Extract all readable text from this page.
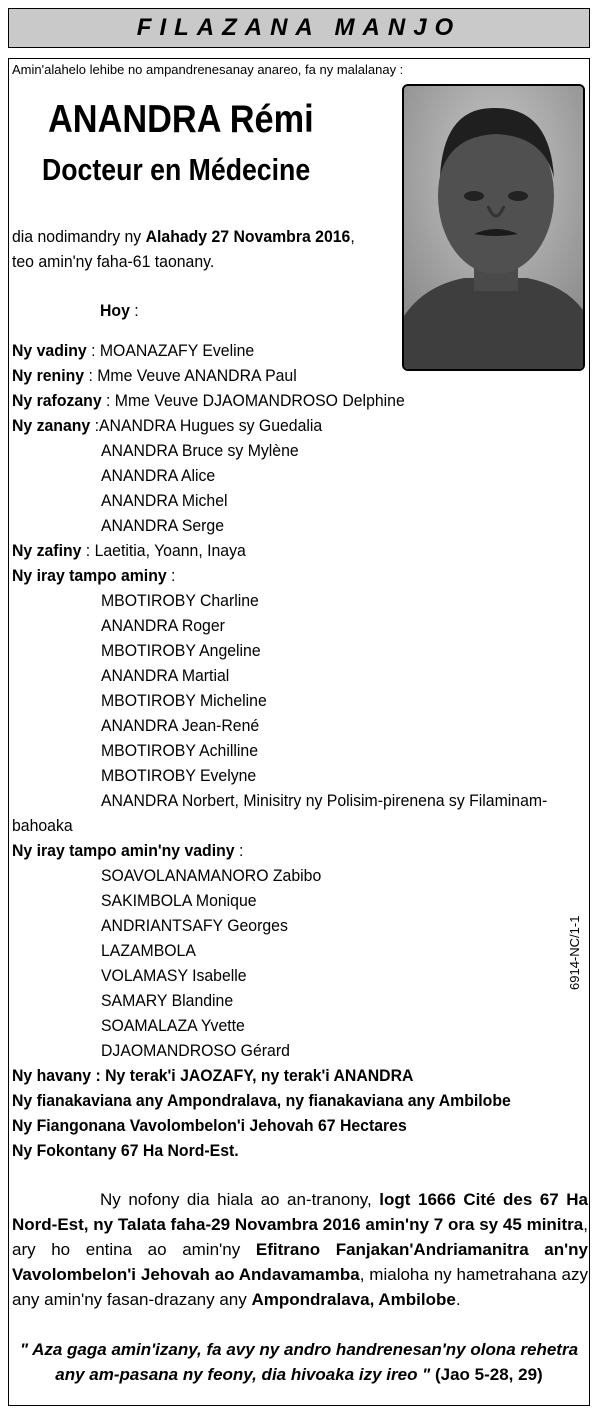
FILAZANA MANJO
Amin'alahelo lehibe no ampandrenesanay anareo, fa ny malalanay :
ANANDRA Rémi
Docteur en Médecine
dia nodimandry ny Alahady 27 Novambra 2016,
teo amin'ny faha-61 taonany.
Hoy :
Ny vadiny : MOANAZAFY Eveline
Ny reniny : Mme Veuve ANANDRA Paul
Ny rafozany : Mme Veuve DJAOMANDROSO Delphine
Ny zanany :ANANDRA Hugues sy Guedalia
ANANDRA Bruce sy Mylène
ANANDRA Alice
ANANDRA Michel
ANANDRA Serge
Ny zafiny : Laetitia, Yoann, Inaya
Ny iray tampo aminy :
MBOTIROBY Charline
ANANDRA Roger
MBOTIROBY Angeline
ANANDRA Martial
MBOTIROBY Micheline
ANANDRA Jean-René
MBOTIROBY Achilline
MBOTIROBY Evelyne
ANANDRA Norbert, Minisitry ny Polisim-pirenena sy Filaminam-
bahoaka
Ny iray tampo amin'ny vadiny :
SOAVOLANAMANORO Zabibo
SAKIMBOLA Monique
ANDRIANTSAFY Georges
LAZAMBOLA
VOLAMASY Isabelle
SAMARY Blandine
SOAMALAZA Yvette
DJAOMANDROSO Gérard
Ny havany : Ny terak'i JAOZAFY, ny terak'i ANANDRA
Ny fianakaviana any Ampondralava, ny fianakaviana any Ambilobe
Ny Fiangonana Vavolombelon'i Jehovah 67 Hectares
Ny Fokontany 67 Ha Nord-Est.
Ny nofony dia hiala ao an-tranony, logt 1666 Cité des 67 Ha Nord-Est, ny Talata faha-29 Novambra 2016 amin'ny 7 ora sy 45 minitra, ary ho entina ao amin'ny Efitrano Fanjakan'Andriamanitra an'ny Vavolombelon'i Jehovah ao Andavamamba, mialoha ny hametrahana azy any amin'ny fasan-drazany any Ampondralava, Ambilobe.
" Aza gaga amin'izany, fa avy ny andro handrenesan'ny olona rehetra
any am-pasana ny feony, dia hivoaka izy ireo " (Jao 5-28, 29)
6914-NC/1-1
